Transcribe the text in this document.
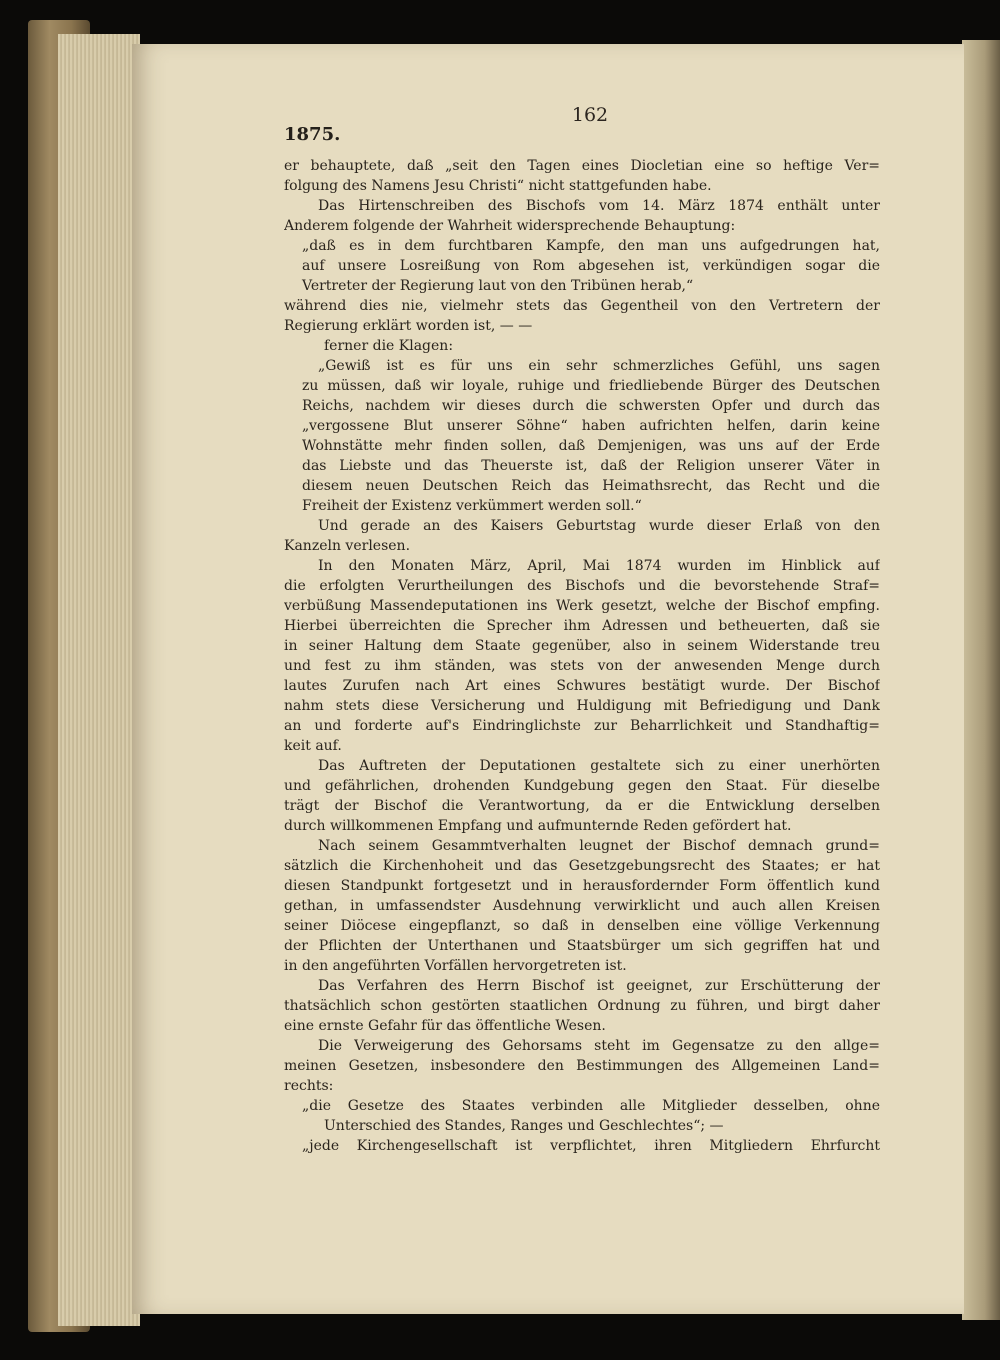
162
1875.
er behauptete, daß „seit den Tagen eines Diocletian eine so heftige Ver=
folgung des Namens Jesu Christi“ nicht stattgefunden habe.
Das Hirtenschreiben des Bischofs vom 14. März 1874 enthält unter
Anderem folgende der Wahrheit widersprechende Behauptung:
„daß es in dem furchtbaren Kampfe, den man uns aufgedrungen hat,
auf unsere Losreißung von Rom abgesehen ist, verkündigen sogar die
Vertreter der Regierung laut von den Tribünen herab,“
während dies nie, vielmehr stets das Gegentheil von den Vertretern der
Regierung erklärt worden ist, — —
ferner die Klagen:
„Gewiß ist es für uns ein sehr schmerzliches Gefühl, uns sagen
zu müssen, daß wir loyale, ruhige und friedliebende Bürger des Deutschen
Reichs, nachdem wir dieses durch die schwersten Opfer und durch das
„vergossene Blut unserer Söhne“ haben aufrichten helfen, darin keine
Wohnstätte mehr finden sollen, daß Demjenigen, was uns auf der Erde
das Liebste und das Theuerste ist, daß der Religion unserer Väter in
diesem neuen Deutschen Reich das Heimathsrecht, das Recht und die
Freiheit der Existenz verkümmert werden soll.“
Und gerade an des Kaisers Geburtstag wurde dieser Erlaß von den
Kanzeln verlesen.
In den Monaten März, April, Mai 1874 wurden im Hinblick auf
die erfolgten Verurtheilungen des Bischofs und die bevorstehende Straf=
verbüßung Massendeputationen ins Werk gesetzt, welche der Bischof empfing.
Hierbei überreichten die Sprecher ihm Adressen und betheuerten, daß sie
in seiner Haltung dem Staate gegenüber, also in seinem Widerstande treu
und fest zu ihm ständen, was stets von der anwesenden Menge durch
lautes Zurufen nach Art eines Schwures bestätigt wurde. Der Bischof
nahm stets diese Versicherung und Huldigung mit Befriedigung und Dank
an und forderte auf's Eindringlichste zur Beharrlichkeit und Standhaftig=
keit auf.
Das Auftreten der Deputationen gestaltete sich zu einer unerhörten
und gefährlichen, drohenden Kundgebung gegen den Staat. Für dieselbe
trägt der Bischof die Verantwortung, da er die Entwicklung derselben
durch willkommenen Empfang und aufmunternde Reden gefördert hat.
Nach seinem Gesammtverhalten leugnet der Bischof demnach grund=
sätzlich die Kirchenhoheit und das Gesetzgebungsrecht des Staates; er hat
diesen Standpunkt fortgesetzt und in herausfordernder Form öffentlich kund
gethan, in umfassendster Ausdehnung verwirklicht und auch allen Kreisen
seiner Diöcese eingepflanzt, so daß in denselben eine völlige Verkennung
der Pflichten der Unterthanen und Staatsbürger um sich gegriffen hat und
in den angeführten Vorfällen hervorgetreten ist.
Das Verfahren des Herrn Bischof ist geeignet, zur Erschütterung der
thatsächlich schon gestörten staatlichen Ordnung zu führen, und birgt daher
eine ernste Gefahr für das öffentliche Wesen.
Die Verweigerung des Gehorsams steht im Gegensatze zu den allge=
meinen Gesetzen, insbesondere den Bestimmungen des Allgemeinen Land=
rechts:
„die Gesetze des Staates verbinden alle Mitglieder desselben, ohne
Unterschied des Standes, Ranges und Geschlechtes“; —
„jede Kirchengesellschaft ist verpflichtet, ihren Mitgliedern Ehrfurcht
